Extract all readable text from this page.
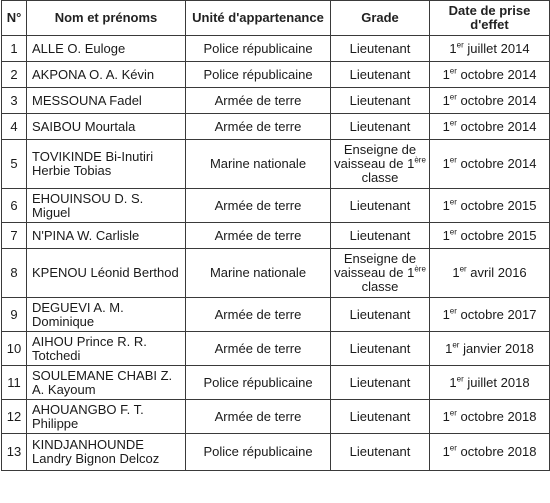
N°	Nom et prénoms	Unité d'appartenance	Grade	Date de prise d'effet
1	ALLE O. Euloge	Police républicaine	Lieutenant	1er juillet 2014
2	AKPONA O. A. Kévin	Police républicaine	Lieutenant	1er octobre 2014
3	MESSOUNA Fadel	Armée de terre	Lieutenant	1er octobre 2014
4	SAIBOU Mourtala	Armée de terre	Lieutenant	1er octobre 2014
5	TOVIKINDE Bi-Inutiri Herbie Tobias	Marine nationale	Enseigne de vaisseau de 1ère classe	1er octobre 2014
6	EHOUINSOU D. S. Miguel	Armée de terre	Lieutenant	1er octobre 2015
7	N'PINA W. Carlisle	Armée de terre	Lieutenant	1er octobre 2015
8	KPENOU Léonid Berthod	Marine nationale	Enseigne de vaisseau de 1ère classe	1er avril 2016
9	DEGUEVI A. M. Dominique	Armée de terre	Lieutenant	1er octobre 2017
10	AIHOU Prince R. R. Totchedi	Armée de terre	Lieutenant	1er janvier 2018
11	SOULEMANE CHABI Z. A. Kayoum	Police républicaine	Lieutenant	1er juillet 2018
12	AHOUANGBO F. T. Philippe	Armée de terre	Lieutenant	1er octobre 2018
13	KINDJANHOUNDE Landry Bignon Delcoz	Police républicaine	Lieutenant	1er octobre 2018
